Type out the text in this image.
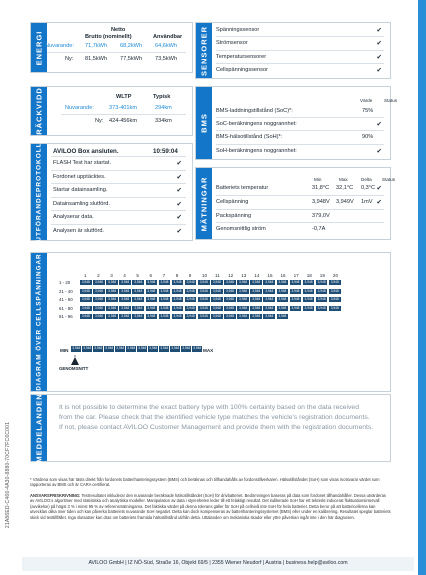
21A86ED-C466-4A30-8880-70CF7FC6C001
ENERGI
Netto
Brutto (nominellt)	Användbar
Nuvarande: 71,7kWh 68,2kWh 64,6kWh
Ny: 81,5kWh 77,5kWh 73,5kWh	SENSORER Spänningssensor	✔
Strömsensor	✔
Temperatursensorer	✔
Cellspänningssensor	✔
RÄCKVIDD	WLTP	Typisk
Nuvarande:	373-401km	294km
Ny: 424-456km	334km	BMS
Värde	Status
BMS-laddningstillstånd (SoC)*:	75%
SoC-beräkningens noggrannhet:	✔
BMS-hälsotillstånd (SoH)*:	90%
SoH-beräkningens noggrannhet:	✔
UTFÖRANDEPROTOKOLL AVILOO Box ansluten.	10:59:04
FLASH Test har startat.	✔
Fordonet upptäcktes.	✔
Startar datainsamling.	✔
Datainsamling slutförd.	✔
Analyserar data.	✔
Analysen är slutförd.	✔
MÄTNINGAR	Min	Max	Delta Status
Batteriets temperatur	31,8°C 32,1°C 0,3°C ✔
Cellspänning	3,948V 3,949V 1mV ✔
Packspänning	379,0V
Genomsnittlig ström	-0,7A
DIAGRAM ÖVER CELLSPÄNNINGAR	MIN	MAX
GENOMSNITT
1 2 3 4 5 6 7 8 9 10 11 12 13 14 15 16 17 18 19 20
1 - 20	3,948	3,948	3,948	3,948	3,948	3,948	3,948	3,948	3,948	3,948	3,948	3,948	3,948	3,948	3,948	3,948	3,948	3,948	3,948	3,948
21 - 40	3,948	3,948	3,948	3,948	3,948	3,948	3,948	3,948	3,948	3,948	3,948	3,948	3,948	3,948	3,948	3,948	3,948	3,948	3,948	3,948
41 - 60	3,948	3,948	3,948	3,948	3,948	3,948	3,948	3,948	3,948	3,948	3,948	3,948	3,948	3,948	3,948	3,948	3,948	3,948	3,948	3,948
61 - 80	3,948	3,948	3,948	3,948	3,948	3,948	3,948	3,948	3,948	3,948	3,948	3,948	3,948	3,948	3,948	3,948	3,948	3,948	3,948	3,948
81 - 96	3,948	3,948	3,948	3,948	3,948	3,948	3,948	3,948	3,948	3,948	3,948	3,948	3,948	3,948	3,948	3,948
3,948 3,948 3,948 3,948 3,948 3,948 3,948 3,948 3,948 3,948 3,948 3,948
MEDDELANDEN It is not possible to determine the exact battery type with 100% certainty based on the data received from the car. Please check that the identified vehicle type matches the vehicle's registration documents. If not, please contact AVILOO Customer Management and provide them with the registration documents.
* Värdena som visas här tästs direkt från fordonets batterihanteringssystem (BMS) och beräknas och tillhandahålls av fordonstillverkaren. Hälsotillståndet (SoH) som visas motsvarar värdet som rapporteras av BMS och är CARA certifierat.
ANSVARSFRISKRIVNING: Testresultatet inkluderar den nuvarande beräknade hälsotillståndet (SoH) för drivbatteriet. Bedömningen baseras på data som fordonet tillhandahåller. Dessa utvärderas av AVILOO:s algoritmer med statistiska och analytiska modeller. Manipulation av data i styrenheten leder till ett felaktigt resultat. Det indikerade SoH har ett tekniskt inducerat fluktuationsintervall (avvikelse) på högst 3 % i minst 95 % av referensmätningarna. Det faktiska värdet på denna tolerans gäller för SoH på cellnivå inte SoH för hela batteriet. Detta beror på att battericellerna kan utvecklas olika över tiden och kan påverka batteriets nuvarande SoH negativt. Delta kan dock kompenseras av batterihanteringssystemet (BMS) eller under en kalibrering. Resultatet speglar batteriets skick vid testtillfället. Inga slutsatser kan dras om batteriets framtida hälsotillstånd utifrån detta. Uttalanden om mekaniska skador eller yttre påverkan ingår inte i den här diagnosen.
AVILOO GmbH | IZ NÖ-Süd, Straße 16, Objekt 69/5 | 2355 Wiener Neudorf | Austria | business.help@aviloo.com
